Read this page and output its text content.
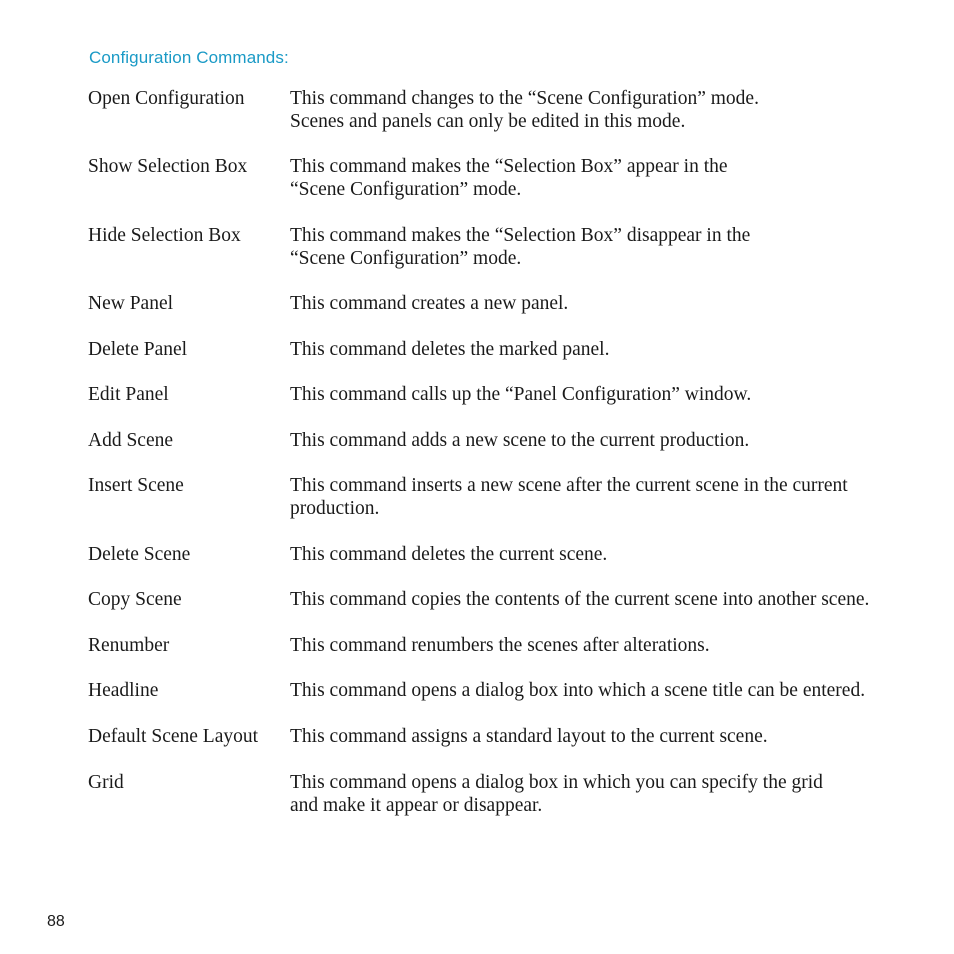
Configuration Commands:
Open Configuration This command changes to the “Scene Configuration” mode.
Scenes and panels can only be edited in this mode.
Show Selection Box This command makes the “Selection Box” appear in the
“Scene Configuration” mode.
Hide Selection Box	This command makes the “Selection Box” disappear in the
“Scene Configuration” mode.
New Panel	This command creates a new panel.
Delete Panel	This command deletes the marked panel.
Edit Panel	This command calls up the “Panel Configuration” window.
Add Scene	This command adds a new scene to the current production.
Insert Scene	This command inserts a new scene after the current scene in the current
production.
Delete Scene	This command deletes the current scene.
Copy Scene	This command copies the contents of the current scene into another scene.
Renumber	This command renumbers the scenes after alterations.
Headline	This command opens a dialog box into which a scene title can be entered.
Default Scene Layout This command assigns a standard layout to the current scene.
Grid	This command opens a dialog box in which you can specify the grid
and make it appear or disappear.
88
